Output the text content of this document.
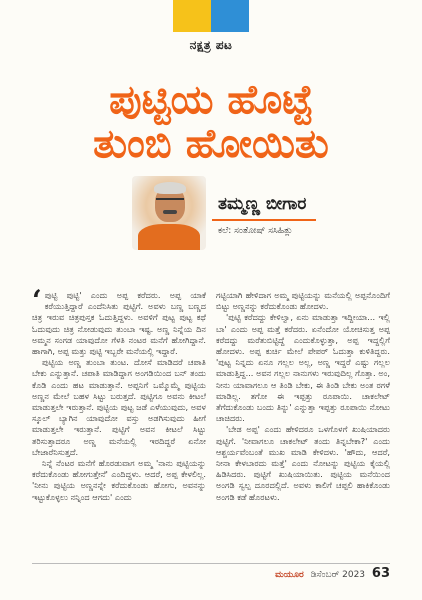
ನಕ್ಷತ್ರ ಪಟ
ಪುಟ್ಟಿಯ ಹೊಟ್ಟೆ
ತುಂಬಿ ಹೋಯಿತು
ತಮ್ಮಣ್ಣ ಬೀಗಾರ
ಕಲೆ: ಸಂತೋಷ್ ಸಸಿಹಿತ್ಲು

‘ ಪುಟ್ಟಿ ಪುಟ್ಟಿ' ಎಂದು ಅಪ್ಪ ಕರೆದರು. ಅಪ್ಪ ಯಾಕೆ ಕರೆಯುತ್ತಿದ್ದಾರೆ ಎಂದೆನಿಸಿತು ಪುಟ್ಟಿಗೆ. ಅವಳು ಬಣ್ಣ ಬಣ್ಣದ ಚಿತ್ರ ಇರುವ ಚಿತ್ರಪುಸ್ತಕ ಓದುತ್ತಿದ್ದಳು. ಅವಳಿಗೆ ಪುಟ್ಟ ಪುಟ್ಟ ಕಥೆ ಓದುವುದು ಚಿತ್ರ ನೋಡುವುದು ತುಂಬಾ ಇಷ್ಟ. ಅಣ್ಣ ನಿನ್ನೆಯ ದಿನ ಅಮ್ಮನ ಸಂಗಡ ಯಾವುದೋ ಗೆಳತಿ ನಂಟರ ಮನೆಗೆ ಹೋಗಿದ್ದಾನೆ. ಹಾಗಾಗಿ, ಅಪ್ಪ ಮತ್ತು ಪುಟ್ಟಿ ಇಬ್ಬರೇ ಮನೆಯಲ್ಲಿ ಇದ್ದಾರೆ.

ಪುಟ್ಟಿಯ ಅಣ್ಣ ತುಂಬಾ ತುಂಟ. ದೋಸೆ ಮಾಡಿದರೆ ಚಪಾತಿ ಬೇಕು ಎನ್ನುತ್ತಾನೆ. ಚಪಾತಿ ಮಾಡಿದ್ದಾಗ ಅಂಗಡಿಯಿಂದ ಬನ್ ತಂದು ಕೊಡಿ ಎಂದು ಹಟ ಮಾಡುತ್ತಾನೆ. ಅಪ್ಪನಿಗೆ ಒಮ್ಮೊಮ್ಮೆ ಪುಟ್ಟಿಯ ಅಣ್ಣನ ಮೇಲೆ ಬಹಳ ಸಿಟ್ಟು ಬರುತ್ತದೆ. ಪುಟ್ಟಿಗೂ ಅವನು ಕೀಟಲೆ ಮಾಡುತ್ತಲೇ ಇರುತ್ತಾನೆ. ಪುಟ್ಟಿಯ ಪುಟ್ಟ ಜಡೆ ಎಳೆಯುವುದು, ಅವಳ ಸ್ಕೂಲ್ ಬ್ಯಾಗಿನ ಯಾವುದೋ ವಸ್ತು ಅಡಗಿಸುವುದು ಹೀಗೆ ಮಾಡುತ್ತಲೇ ಇರುತ್ತಾನೆ. ಪುಟ್ಟಿಗೆ ಅವನ ಕೀಟಲೆ ಸಿಟ್ಟು ತರಿಸುತ್ತಾದರೂ ಅಣ್ಣ ಮನೆಯಲ್ಲಿ ಇರದಿದ್ದರೆ ಏನೋ ಬೇಜಾರೆನಿಸುತ್ತದೆ.

ನಿನ್ನೆ ನೆಂಟರ ಮನೆಗೆ ಹೊರಡುವಾಗ ಅಮ್ಮ 'ನಾನು ಪುಟ್ಟಿಯನ್ನು ಕರೆದುಕೊಂಡು ಹೋಗುತ್ತೇನೆ' ಎಂದಿದ್ದಳು. ಆದರೆ, ಅಪ್ಪ ಕೇಳಲಿಲ್ಲ. 'ನೀನು ಪುಟ್ಟಿಯ ಅಣ್ಣನನ್ನೇ ಕರೆದುಕೊಂಡು ಹೋಗು, ಅವನನ್ನು ಇಟ್ಟುಕೊಳ್ಳಲು ನನ್ನಿಂದ ಆಗದು' ಎಂದು

ಗಟ್ಟಿಯಾಗಿ ಹೇಳಿದಾಗ ಅಮ್ಮ ಪುಟ್ಟಿಯನ್ನು ಮನೆಯಲ್ಲಿ ಅಪ್ಪನೊಂದಿಗೆ ಬಿಟ್ಟು ಅಣ್ಣನನ್ನು ಕರೆದುಕೊಂಡು ಹೋದಳು.

'ಪುಟ್ಟಿ ಕರೆದದ್ದು ಕೇಳಿಲ್ವಾ, ಏನು ಮಾಡುತ್ತಾ ಇದ್ದೀಯಾ... ಇಲ್ಲಿ ಬಾ' ಎಂದು ಅಪ್ಪ ಮತ್ತೆ ಕರೆದರು. ಏನೆಂದೋ ಯೋಚಿಸುತ್ತ ಅಪ್ಪ ಕರೆದದ್ದು ಮರೆತುಬಿಟ್ಟಿದ್ದೆ ಎಂದುಕೊಳ್ಳುತ್ತಾ, ಅಪ್ಪ ಇದ್ದಲ್ಲಿಗೆ ಹೋದಳು. ಅಪ್ಪ ಕುರ್ಚಿ ಮೇಲೆ ಪೇಪರ್ ಓದುತ್ತಾ ಕುಳಿತಿದ್ದರು. 'ಪುಟ್ಟ ನಿನ್ನದು ಏನೂ ಗಲ್ಲಲ ಅಲ್ಲ, ಅಣ್ಣ ಇದ್ದರೆ ಎಷ್ಟು ಗಲ್ಲಲ ಮಾಡುತ್ತಿದ್ದ... ಅವನ ಗಲ್ಲಲ ನಾನುಗಳು ಇರುವುದಿಲ್ಲ ಗೊತ್ತಾ. ಅಂ, ನೀನು ಯಾವಾಗಲೂ ಆ ತಿಂಡಿ ಬೇಕು, ಈ ತಿಂಡಿ ಬೇಕು ಅಂತ ರಗಳೆ ಮಾಡಿಲ್ಲ. ತಗೋ ಈ ಇಪ್ಪತ್ತು ರೂಪಾಯಿ. ಚಾಕಲೇಟ್ ತೆಗೆದುಕೊಂಡು ಬಂದು ತಿನ್ನು' ಎನ್ನುತ್ತಾ ಇಪ್ಪತ್ತು ರೂಪಾಯಿ ನೋಟು ಚಾಚಿದರು.

'ಬೇಡ ಅಪ್ಪ' ಎಂದು ಹೇಳಿದರೂ ಒಳಗೊಳಗೆ ಖುಷಿಯಾದರು ಪುಟ್ಟಿಗೆ. 'ನೀವಾಗಲೂ ಚಾಕಲೇಟ್ ತಂದು ತಿನ್ನಬೇಕಾ?' ಎಂದು ಆಶ್ಚರ್ಯವೆಂಬಂತೆ ಮುಖ ಮಾಡಿ ಕೇಳಿದಳು. 'ಹೌದು, ಆದರೆ, ನೀನಾ ಕೇಳಬಾರದು ಮತ್ತೆ' ಎಂದು ನೋಟನ್ನು ಪುಟ್ಟಿಯ ಕೈಯಲ್ಲಿ ಹಿಡಿಸಿದರು. ಪುಟ್ಟಿಗೆ ಖುಷಿಯಾಯಿತು. ಪುಟ್ಟಿಯ ಮನೆಯಿಂದ ಅಂಗಡಿ ಸ್ವಲ್ಪ ದೂರದಲ್ಲಿದೆ. ಅವಳು ಕಾಲಿಗೆ ಚಪ್ಪಲಿ ಹಾಕಿಕೊಂಡು ಅಂಗಡಿ ಕಡೆ ಹೊರಟಳು.

ಮಯೂರ ಡಿಸೆಂಬರ್ 2023 63
